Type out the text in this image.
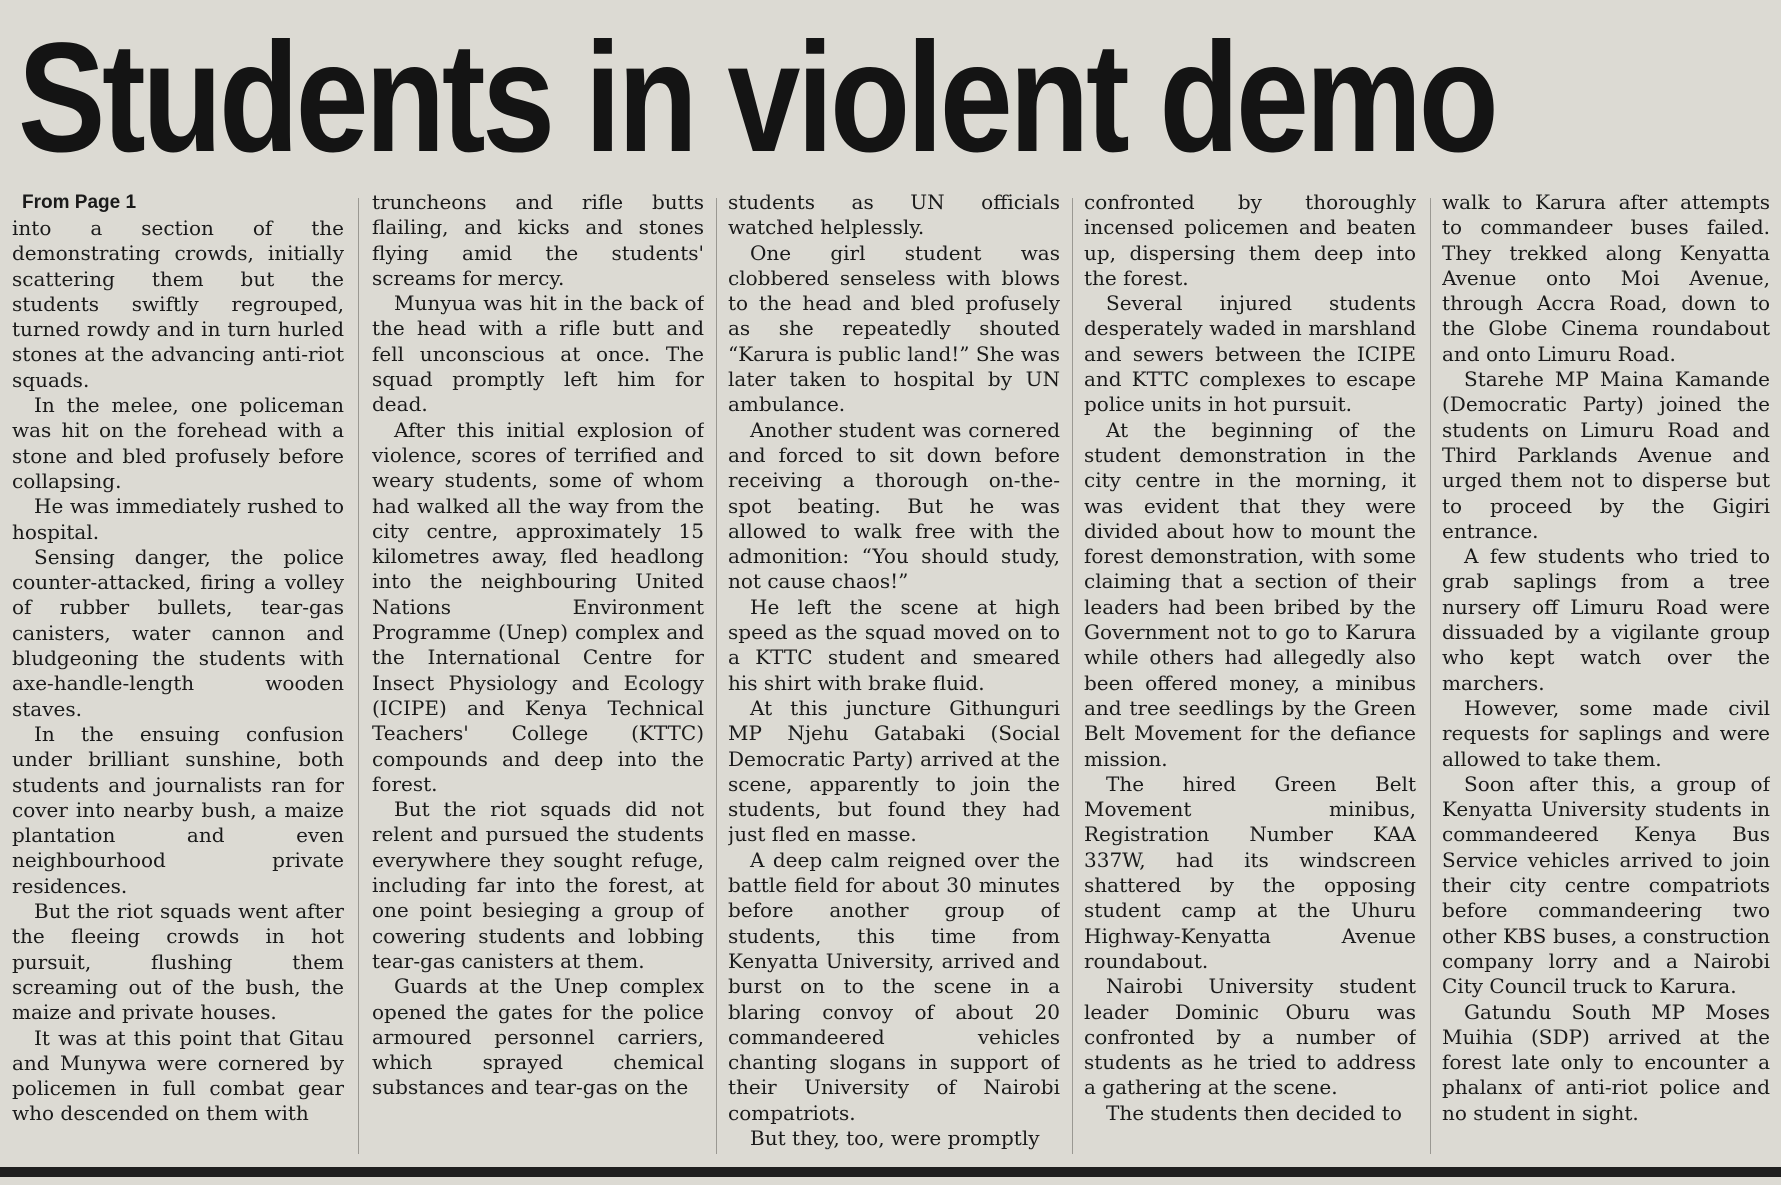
Students in violent demo
From Page 1

into a section of the demonstrating crowds, initially scattering them but the students swiftly regrouped, turned rowdy and in turn hurled stones at the advancing anti-riot squads.

In the melee, one policeman was hit on the forehead with a stone and bled profusely before collapsing.

He was immediately rushed to hospital.

Sensing danger, the police counter-attacked, firing a volley of rubber bullets, tear-gas canisters, water cannon and bludgeoning the students with axe-handle-length wooden staves.

In the ensuing confusion under brilliant sunshine, both students and journalists ran for cover into nearby bush, a maize plantation and even neighbourhood private residences.

But the riot squads went after the fleeing crowds in hot pursuit, flushing them screaming out of the bush, the maize and private houses.

It was at this point that Gitau and Munywa were cornered by policemen in full combat gear who descended on them with

truncheons and rifle butts flailing, and kicks and stones flying amid the students' screams for mercy.

Munyua was hit in the back of the head with a rifle butt and fell unconscious at once. The squad promptly left him for dead.

After this initial explosion of violence, scores of terrified and weary students, some of whom had walked all the way from the city centre, approximately 15 kilometres away, fled headlong into the neighbouring United Nations Environment Programme (Unep) complex and the International Centre for Insect Physiology and Ecology (ICIPE) and Kenya Technical Teachers' College (KTTC) compounds and deep into the forest.

But the riot squads did not relent and pursued the students everywhere they sought refuge, including far into the forest, at one point besieging a group of cowering students and lobbing tear-gas canisters at them.

Guards at the Unep complex opened the gates for the police armoured personnel carriers, which sprayed chemical substances and tear-gas on the

students as UN officials watched helplessly.

One girl student was clobbered senseless with blows to the head and bled profusely as she repeatedly shouted “Karura is public land!” She was later taken to hospital by UN ambulance.

Another student was cornered and forced to sit down before receiving a thorough on-the-spot beating. But he was allowed to walk free with the admonition: “You should study, not cause chaos!”

He left the scene at high speed as the squad moved on to a KTTC student and smeared his shirt with brake fluid.

At this juncture Githunguri MP Njehu Gatabaki (Social Democratic Party) arrived at the scene, apparently to join the students, but found they had just fled en masse.

A deep calm reigned over the battle field for about 30 minutes before another group of students, this time from Kenyatta University, arrived and burst on to the scene in a blaring convoy of about 20 commandeered vehicles chanting slogans in support of their University of Nairobi compatriots.

But they, too, were promptly

confronted by thoroughly incensed policemen and beaten up, dispersing them deep into the forest.

Several injured students desperately waded in marshland and sewers between the ICIPE and KTTC complexes to escape police units in hot pursuit.

At the beginning of the student demonstration in the city centre in the morning, it was evident that they were divided about how to mount the forest demonstration, with some claiming that a section of their leaders had been bribed by the Government not to go to Karura while others had allegedly also been offered money, a minibus and tree seedlings by the Green Belt Movement for the defiance mission.

The hired Green Belt Movement minibus, Registration Number KAA 337W, had its windscreen shattered by the opposing student camp at the Uhuru Highway-Kenyatta Avenue roundabout.

Nairobi University student leader Dominic Oburu was confronted by a number of students as he tried to address a gathering at the scene.

The students then decided to

walk to Karura after attempts to commandeer buses failed. They trekked along Kenyatta Avenue onto Moi Avenue, through Accra Road, down to the Globe Cinema roundabout and onto Limuru Road.

Starehe MP Maina Kamande (Democratic Party) joined the students on Limuru Road and Third Parklands Avenue and urged them not to disperse but to proceed by the Gigiri entrance.

A few students who tried to grab saplings from a tree nursery off Limuru Road were dissuaded by a vigilante group who kept watch over the marchers.

However, some made civil requests for saplings and were allowed to take them.

Soon after this, a group of Kenyatta University students in commandeered Kenya Bus Service vehicles arrived to join their city centre compatriots before commandeering two other KBS buses, a construction company lorry and a Nairobi City Council truck to Karura.

Gatundu South MP Moses Muihia (SDP) arrived at the forest late only to encounter a phalanx of anti-riot police and no student in sight.
